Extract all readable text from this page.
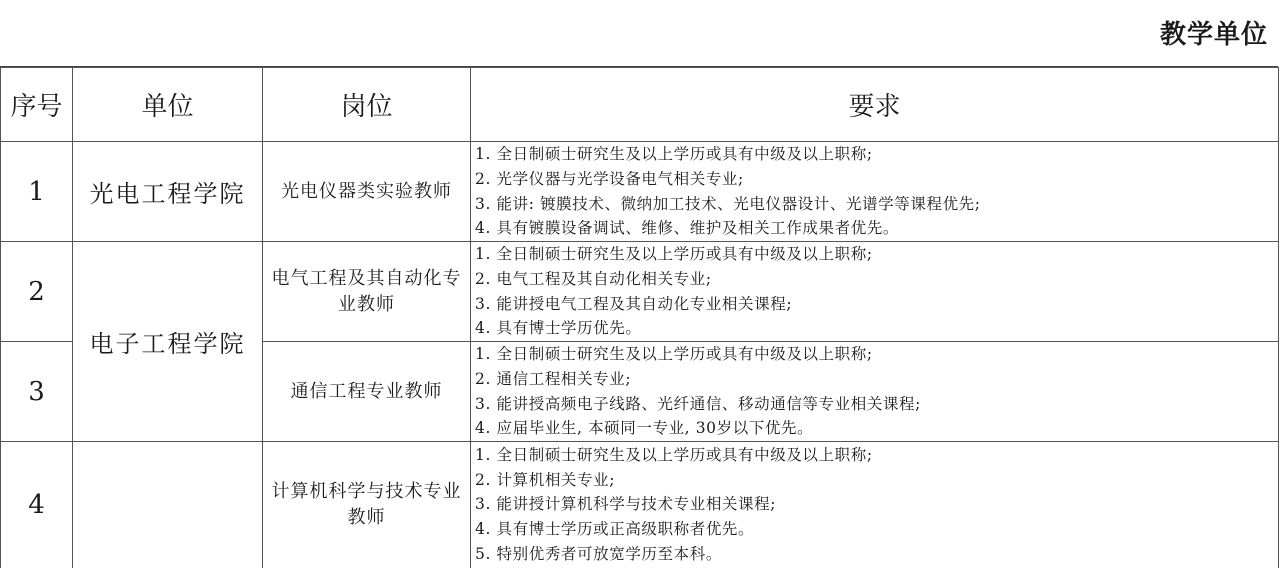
教学单位
序号	单位	岗位	要求
1	光电工程学院	光电仪器类实验教师	1. 全日制硕士研究生及以上学历或具有中级及以上职称;
2. 光学仪器与光学设备电气相关专业;
3. 能讲: 镀膜技术、微纳加工技术、光电仪器设计、光谱学等课程优先;
4. 具有镀膜设备调试、维修、维护及相关工作成果者优先。

2	电子工程学院	电气工程及其自动化专业教师	1. 全日制硕士研究生及以上学历或具有中级及以上职称;
2. 电气工程及其自动化相关专业;
3. 能讲授电气工程及其自动化专业相关课程;
4. 具有博士学历优先。

3		通信工程专业教师	1. 全日制硕士研究生及以上学历或具有中级及以上职称;
2. 通信工程相关专业;
3. 能讲授高频电子线路、光纤通信、移动通信等专业相关课程;
4. 应届毕业生, 本硕同一专业, 30岁以下优先。

4		计算机科学与技术专业教师	1. 全日制硕士研究生及以上学历或具有中级及以上职称;
2. 计算机相关专业;
3. 能讲授计算机科学与技术专业相关课程;
4. 具有博士学历或正高级职称者优先。
5. 特别优秀者可放宽学历至本科。
